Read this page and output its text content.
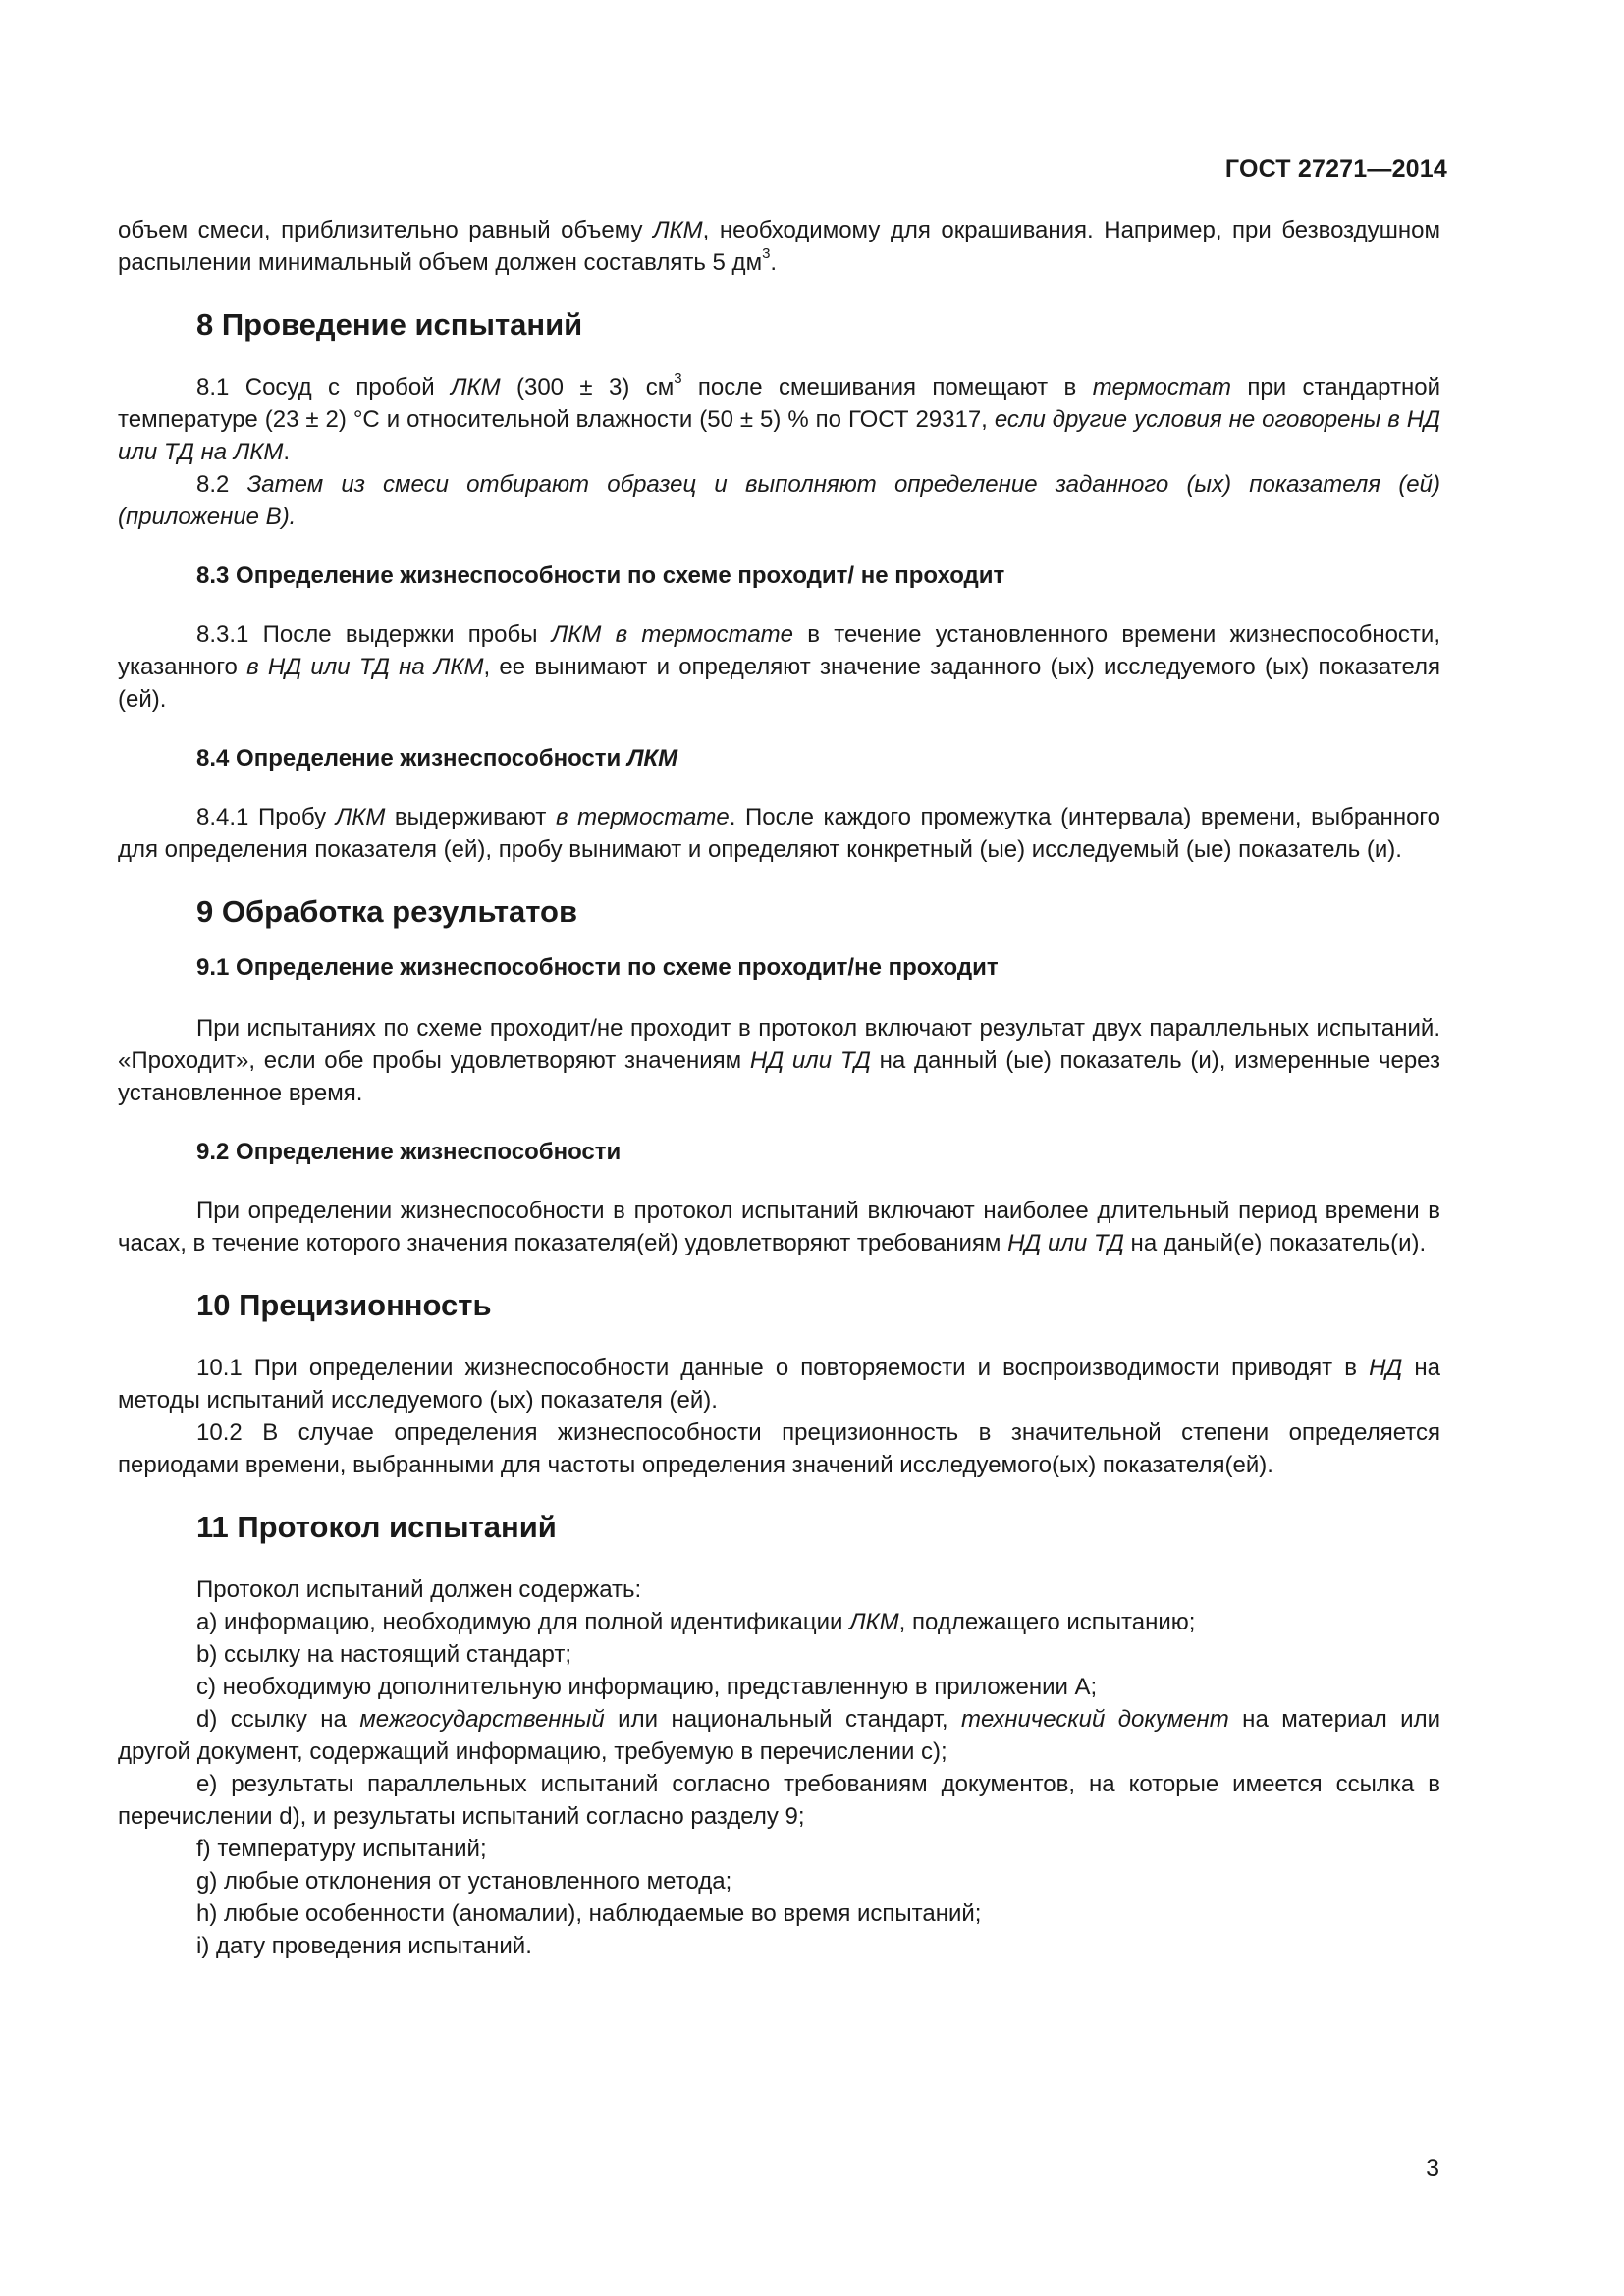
ГОСТ 27271—2014

объем смеси, приблизительно равный объему ЛКМ, необходимому для окрашивания. Например, при безвоздушном распылении минимальный объем должен составлять 5 $дм^3$.

8 Проведение испытаний

8.1 Сосуд с пробой ЛКМ (300 ± 3) $см^3$ после смешивания помещают в термостат при стандартной температуре (23 ± 2) °С и относительной влажности (50 ± 5) % по ГОСТ 29317, если другие условия не оговорены в НД или ТД на ЛКМ.

8.2 Затем из смеси отбирают образец и выполняют определение заданного (ых) показателя (ей) (приложение В).

8.3 Определение жизнеспособности по схеме проходит/ не проходит

8.3.1 После выдержки пробы ЛКМ в термостате в течение установленного времени жизнеспособности, указанного в НД или ТД на ЛКМ, ее вынимают и определяют значение заданного (ых) исследуемого (ых) показателя (ей).

8.4 Определение жизнеспособности ЛКМ

8.4.1 Пробу ЛКМ выдерживают в термостате. После каждого промежутка (интервала) времени, выбранного для определения показателя (ей), пробу вынимают и определяют конкретный (ые) исследуемый (ые) показатель (и).

9 Обработка результатов
9.1 Определение жизнеспособности по схеме проходит/не проходит

При испытаниях по схеме проходит/не проходит в протокол включают результат двух параллельных испытаний. «Проходит», если обе пробы удовлетворяют значениям НД или ТД на данный (ые) показатель (и), измеренные через установленное время.

9.2 Определение жизнеспособности

При определении жизнеспособности в протокол испытаний включают наиболее длительный период времени в часах, в течение которого значения показателя(ей) удовлетворяют требованиям НД или ТД на даный(е) показатель(и).

10 Прецизионность

10.1 При определении жизнеспособности данные о повторяемости и воспроизводимости приводят в НД на методы испытаний исследуемого (ых) показателя (ей).

10.2 В случае определения жизнеспособности прецизионность в значительной степени определяется периодами времени, выбранными для частоты определения значений исследуемого(ых) показателя(ей).

11 Протокол испытаний

Протокол испытаний должен содержать:

a) информацию, необходимую для полной идентификации ЛКМ, подлежащего испытанию;

b) ссылку на настоящий стандарт;

c) необходимую дополнительную информацию, представленную в приложении А;

d) ссылку на межгосударственный или национальный стандарт, технический документ на материал или другой документ, содержащий информацию, требуемую в перечислении с);

e) результаты параллельных испытаний согласно требованиям документов, на которые имеется ссылка в перечислении d), и результаты испытаний согласно разделу 9;

f) температуру испытаний;

g) любые отклонения от установленного метода;

h) любые особенности (аномалии), наблюдаемые во время испытаний;

i) дату проведения испытаний.

3
